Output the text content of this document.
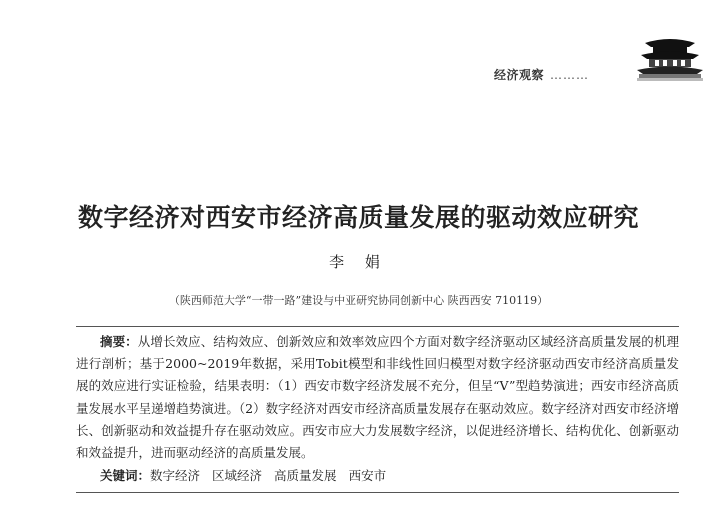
经济观察 ………
数字经济对西安市经济高质量发展的驱动效应研究
李 娟
（陕西师范大学“一带一路”建设与中亚研究协同创新中心 陕西西安 710119）

摘要：从增长效应、结构效应、创新效应和效率效应四个方面对数字经济驱动区域经济高质量发展的机理进行剖析；基于2000~2019年数据，采用Tobit模型和非线性回归模型对数字经济驱动西安市经济高质量发展的效应进行实证检验，结果表明：（1）西安市数字经济发展不充分，但呈“V”型趋势演进；西安市经济高质量发展水平呈递增趋势演进。（2）数字经济对西安市经济高质量发展存在驱动效应。数字经济对西安市经济增长、创新驱动和效益提升存在驱动效应。西安市应大力发展数字经济，以促进经济增长、结构优化、创新驱动和效益提升，进而驱动经济的高质量发展。

关键词：数字经济 区域经济 高质量发展 西安市
